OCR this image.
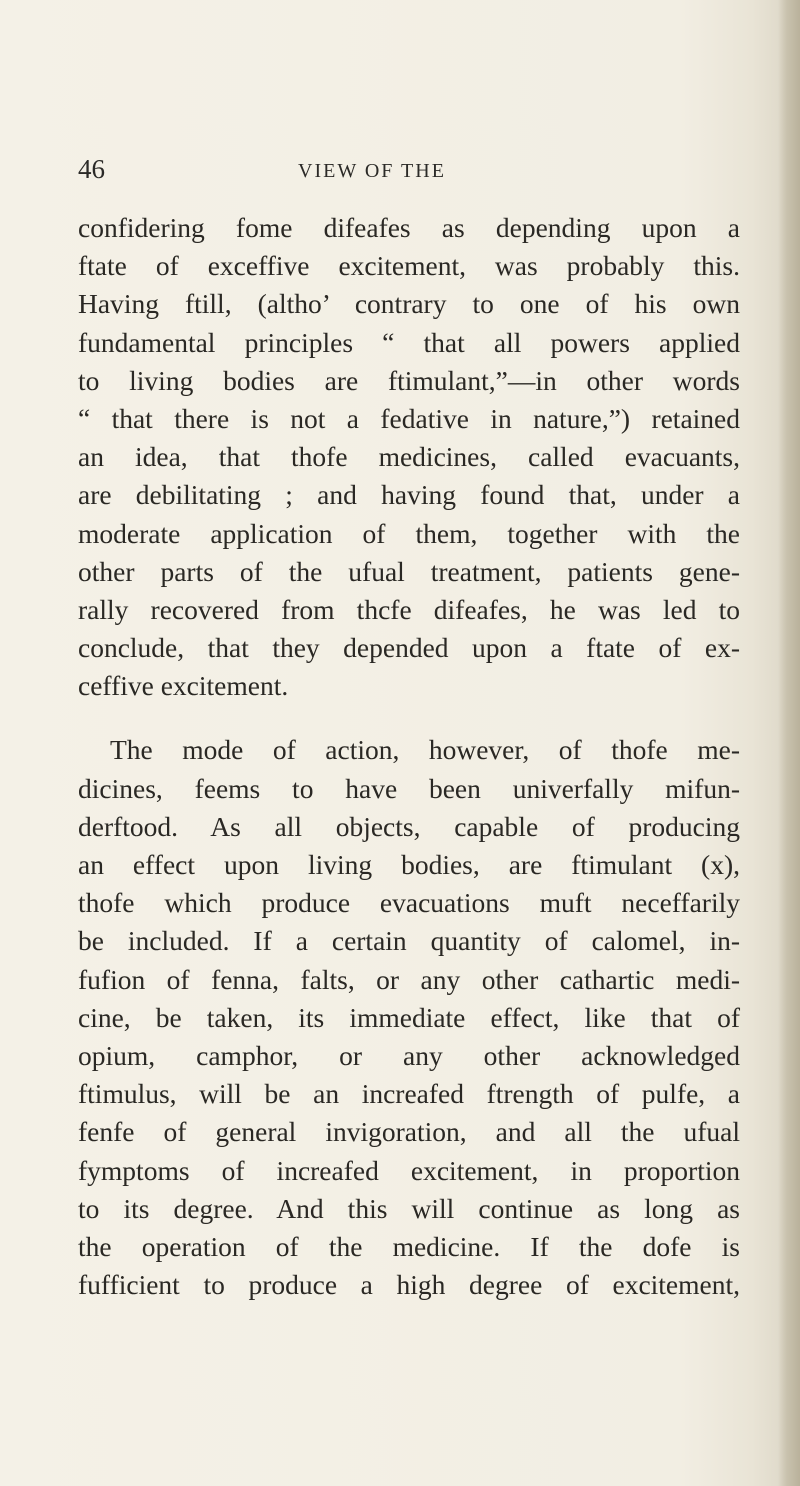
46	VIEW OF THE
confidering fome difeafes as depending upon a
ftate of exceffive excitement, was probably this.
Having ftill, (altho’ contrary to one of his own
fundamental principles “ that all powers applied
to living bodies are ftimulant,”—in other words
“ that there is not a fedative in nature,”) retained
an idea, that thofe medicines, called evacuants,
are debilitating ; and having found that, under a
moderate application of them, together with the
other parts of the ufual treatment, patients gene-
rally recovered from thcfe difeafes, he was led to
conclude, that they depended upon a ftate of ex-
ceffive excitement.
The mode of action, however, of thofe me-
dicines, feems to have been univerfally mifun-
derftood. As all objects, capable of producing
an effect upon living bodies, are ftimulant (x),
thofe which produce evacuations muft neceffarily
be included. If a certain quantity of calomel, in-
fufion of fenna, falts, or any other cathartic medi-
cine, be taken, its immediate effect, like that of
opium, camphor, or any other acknowledged
ftimulus, will be an increafed ftrength of pulfe, a
fenfe of general invigoration, and all the ufual
fymptoms of increafed excitement, in proportion
to its degree. And this will continue as long as
the operation of the medicine. If the dofe is
fufficient to produce a high degree of excitement,
